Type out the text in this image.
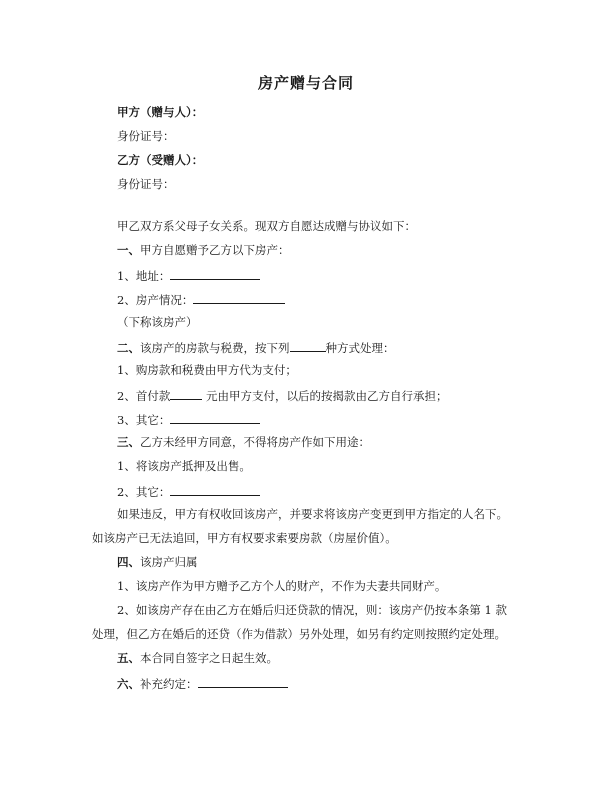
房产赠与合同
甲方（赠与人）：
身份证号：
乙方（受赠人）：
身份证号：
甲乙双方系父母子女关系。现双方自愿达成赠与协议如下：
一、甲方自愿赠予乙方以下房产：
1、地址：
2、房产情况：
（下称该房产）
二、该房产的房款与税费，按下列	种方式处理：
1、购房款和税费由甲方代为支付；
2、首付款	元由甲方支付，以后的按揭款由乙方自行承担；
3、其它：
三、乙方未经甲方同意，不得将房产作如下用途：
1、将该房产抵押及出售。
2、其它：
如果违反，甲方有权收回该房产，并要求将该房产变更到甲方指定的人名下。
如该房产已无法追回，甲方有权要求索要房款（房屋价值）。
四、该房产归属
1、该房产作为甲方赠予乙方个人的财产，不作为夫妻共同财产。
2、如该房产存在由乙方在婚后归还贷款的情况，则：该房产仍按本条第 1 款
处理，但乙方在婚后的还贷（作为借款）另外处理，如另有约定则按照约定处理。
五、本合同自签字之日起生效。
六、补充约定：
